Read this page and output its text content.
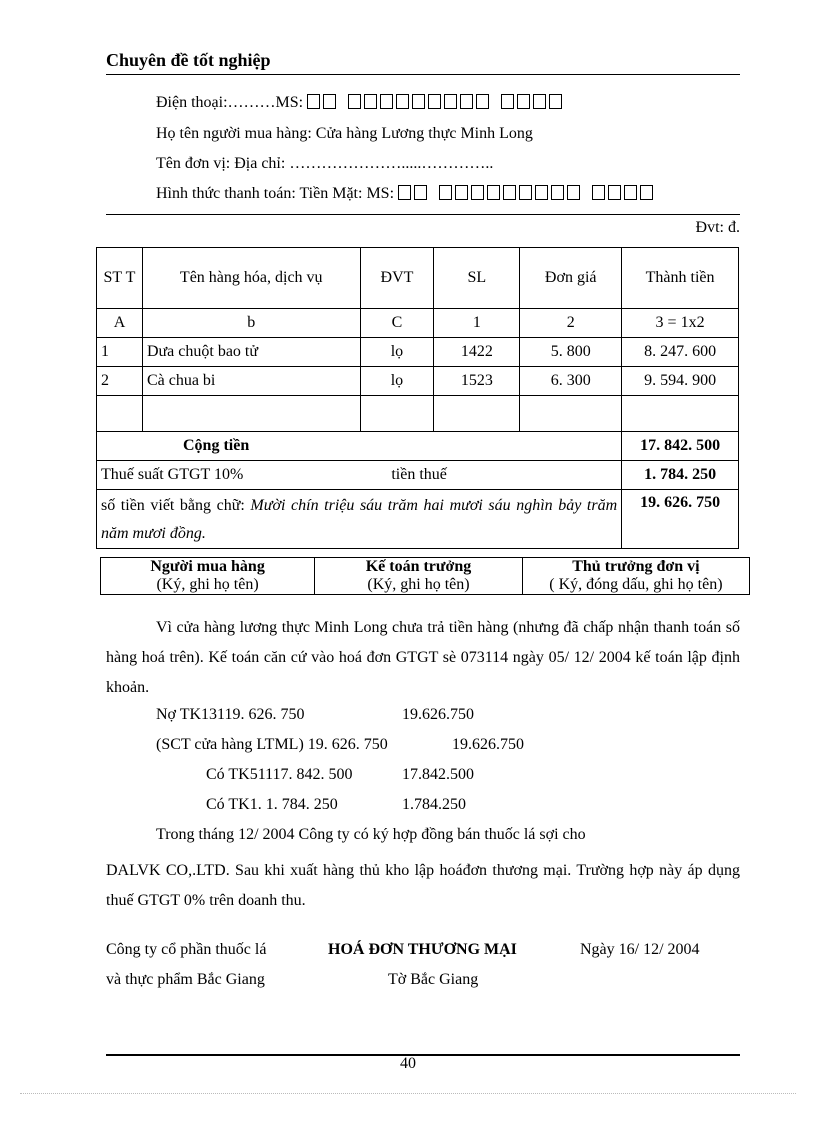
Chuyên đề tốt nghiệp
Điện thoại:………MS:
Họ tên người mua hàng: Cửa hàng Lương thực Minh Long
Tên đơn vị: Địa chỉ: ………………….....…………..
Hình thức thanh toán: Tiền Mặt: MS:
Đvt: đ.
ST T	Tên hàng hóa, dịch vụ	ĐVT	SL	Đơn giá	Thành tiền
A	b	C	1	2	3 = 1x2
1	Dưa chuột bao tử	lọ	1422	5. 800	8. 247. 600
2	Cà chua bi	lọ	1523	6. 300	9. 594. 900

Cộng tiền					17. 842. 500
Thuế suất GTGT 10% tiền thuế					1. 784. 250
số tiền viết bằng chữ: Mười chín triệu sáu trăm hai mươi sáu nghìn bảy trăm năm mươi đồng.					19. 626. 750
Người mua hàng
(Ký, ghi họ tên)

Kế toán trưởng
(Ký, ghi họ tên)

Thủ trưởng đơn vị
( Ký, đóng dấu, ghi họ tên)
Vì cửa hàng lương thực Minh Long chưa trả tiền hàng (nhưng đã chấp nhận thanh toán số hàng hoá trên). Kế toán căn cứ vào hoá đơn GTGT sè 073114 ngày 05/ 12/ 2004 kế toán lập định khoản.
Nợ TK13119. 626. 750	19.626.750
(SCT cửa hàng LTML) 19. 626. 750	19.626.750
Có TK51117. 842. 500	17.842.500
Có TK1. 1. 784. 250	1.784.250
Trong tháng 12/ 2004 Công ty có ký hợp đồng bán thuốc lá sợi cho
DALVK CO,.LTD. Sau khi xuất hàng thủ kho lập hoáđơn thương mại. Trường hợp này áp dụng thuế GTGT 0% trên doanh thu.
Công ty cổ phần thuốc lá
và thực phẩm Bắc Giang
HOÁ ĐƠN THƯƠNG MẠI
Tờ Bắc Giang
Ngày 16/ 12/ 2004
40
